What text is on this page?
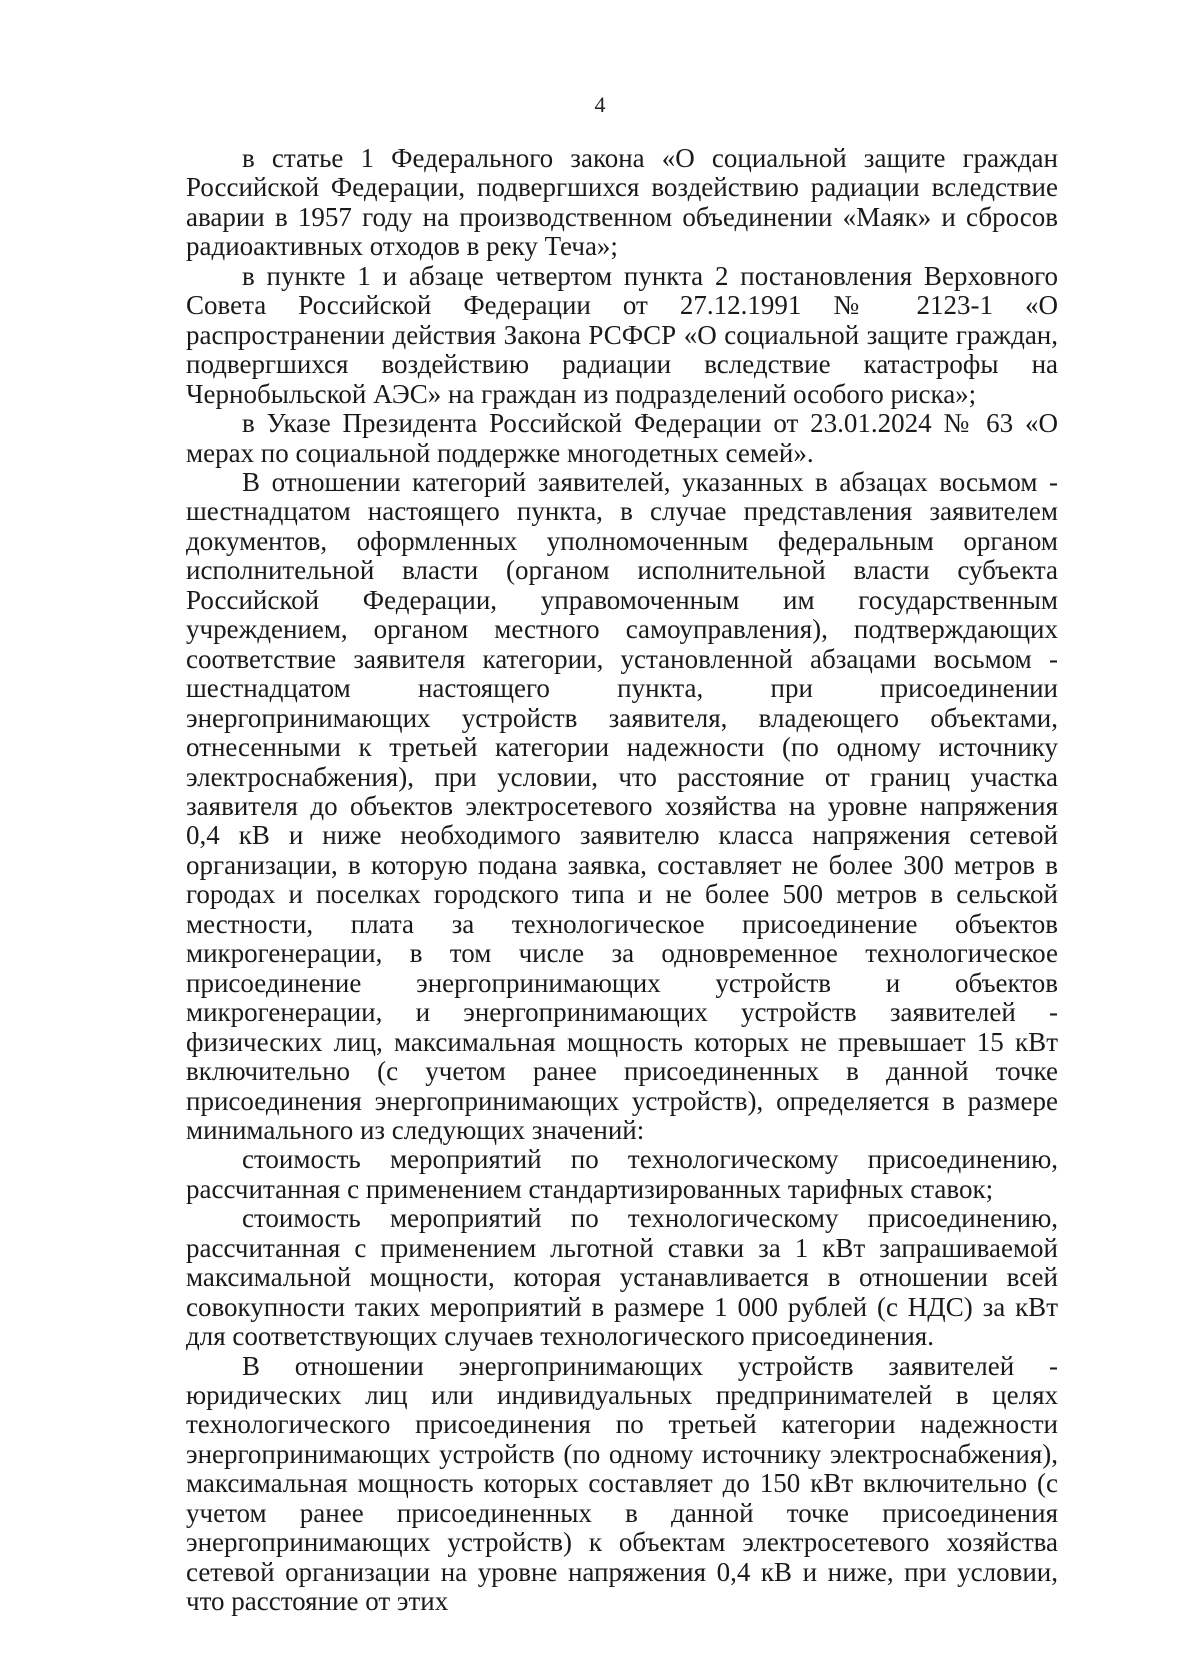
4

в статье 1 Федерального закона «О социальной защите граждан Российской Федерации, подвергшихся воздействию радиации вследствие аварии в 1957 году на производственном объединении «Маяк» и сбросов радиоактивных отходов в реку Теча»;

в пункте 1 и абзаце четвертом пункта 2 постановления Верховного Совета Российской Федерации от 27.12.1991 № 2123-1 «О распространении действия Закона РСФСР «О социальной защите граждан, подвергшихся воздействию радиации вследствие катастрофы на Чернобыльской АЭС» на граждан из подразделений особого риска»;

в Указе Президента Российской Федерации от 23.01.2024 № 63 «О мерах по социальной поддержке многодетных семей».

В отношении категорий заявителей, указанных в абзацах восьмом - шестнадцатом настоящего пункта, в случае представления заявителем документов, оформленных уполномоченным федеральным органом исполнительной власти (органом исполнительной власти субъекта Российской Федерации, управомоченным им государственным учреждением, органом местного самоуправления), подтверждающих соответствие заявителя категории, установленной абзацами восьмом - шестнадцатом настоящего пункта, при присоединении энергопринимающих устройств заявителя, владеющего объектами, отнесенными к третьей категории надежности (по одному источнику электроснабжения), при условии, что расстояние от границ участка заявителя до объектов электросетевого хозяйства на уровне напряжения 0,4 кВ и ниже необходимого заявителю класса напряжения сетевой организации, в которую подана заявка, составляет не более 300 метров в городах и поселках городского типа и не более 500 метров в сельской местности, плата за технологическое присоединение объектов микрогенерации, в том числе за одновременное технологическое присоединение энергопринимающих устройств и объектов микрогенерации, и энергопринимающих устройств заявителей - физических лиц, максимальная мощность которых не превышает 15 кВт включительно (с учетом ранее присоединенных в данной точке присоединения энергопринимающих устройств), определяется в размере минимального из следующих значений:

стоимость мероприятий по технологическому присоединению, рассчитанная с применением стандартизированных тарифных ставок;

стоимость мероприятий по технологическому присоединению, рассчитанная с применением льготной ставки за 1 кВт запрашиваемой максимальной мощности, которая устанавливается в отношении всей совокупности таких мероприятий в размере 1 000 рублей (с НДС) за кВт для соответствующих случаев технологического присоединения.

В отношении энергопринимающих устройств заявителей - юридических лиц или индивидуальных предпринимателей в целях технологического присоединения по третьей категории надежности энергопринимающих устройств (по одному источнику электроснабжения), максимальная мощность которых составляет до 150 кВт включительно (с учетом ранее присоединенных в данной точке присоединения энергопринимающих устройств) к объектам электросетевого хозяйства сетевой организации на уровне напряжения 0,4 кВ и ниже, при условии, что расстояние от этих
